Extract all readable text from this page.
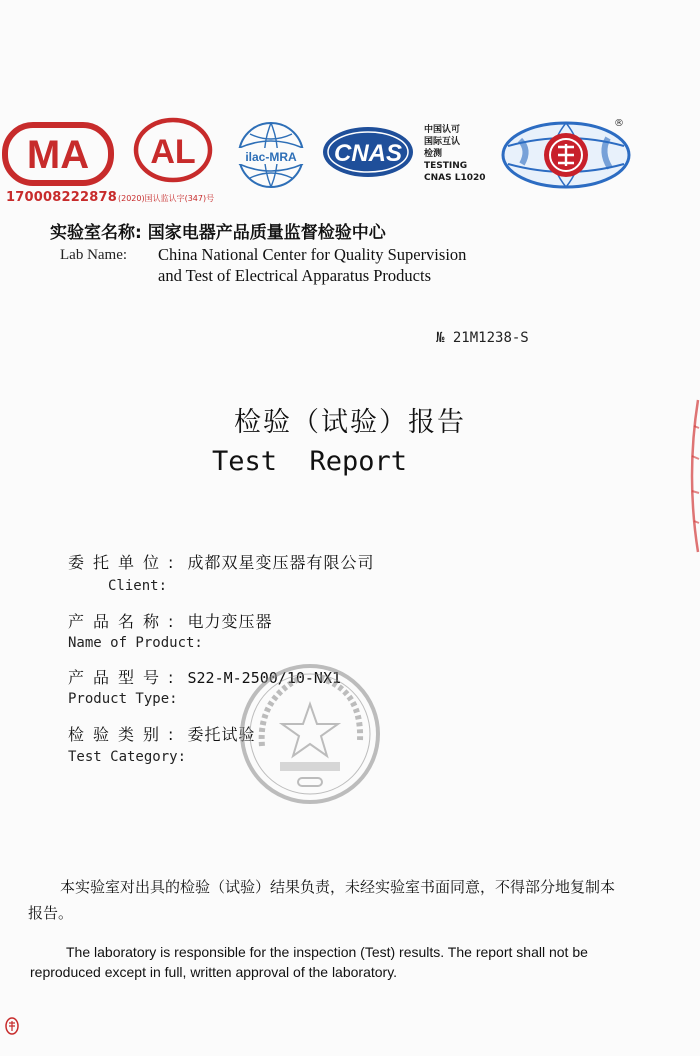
MA
170008222878
AL
(2020)国认监认字(347)号
ilac-MRA CNAS
中国认可
国际互认
检测
TESTING
CNAS L1020
®
实验室名称: 国家电器产品质量监督检验中心
Lab Name: China National Center for Quality Supervision
and Test of Electrical Apparatus Products
№ 21M1238-S
检验（试验）报告
Test  Report
委托单位: 成都双星变压器有限公司
Client:
产品名称: 电力变压器
Name of Product:
产品型号: S22-M-2500/10-NX1
Product Type:
检验类别: 委托试验
Test Category:
本实验室对出具的检验（试验）结果负责，未经实验室书面同意，不得部分地复制本报告。
The laboratory is responsible for the inspection (Test) results. The report shall not be reproduced except in full, written approval of the laboratory.
